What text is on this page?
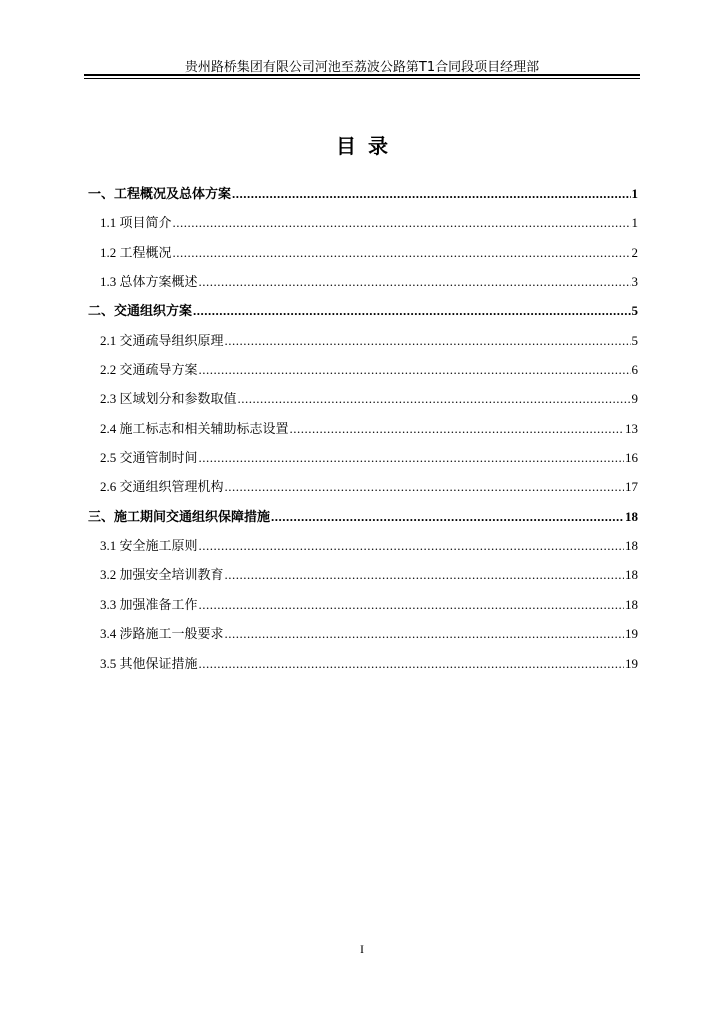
贵州路桥集团有限公司河池至荔波公路第T1合同段项目经理部
目录
一、工程概况及总体方案 .....	1
1.1 项目简介 .....	1
1.2 工程概况 .....	2
1.3 总体方案概述 .....	3
二、交通组织方案 .....	5
2.1 交通疏导组织原理 .....	5
2.2 交通疏导方案 .....	6
2.3 区域划分和参数取值 .....	9
2.4 施工标志和相关辅助标志设置 .....	13
2.5 交通管制时间 .....	16
2.6 交通组织管理机构 .....	17
三、施工期间交通组织保障措施 .....	18
3.1 安全施工原则 .....	18
3.2 加强安全培训教育 .....	18
3.3 加强准备工作 .....	18
3.4 涉路施工一般要求 .....	19
3.5 其他保证措施 .....	19
I
